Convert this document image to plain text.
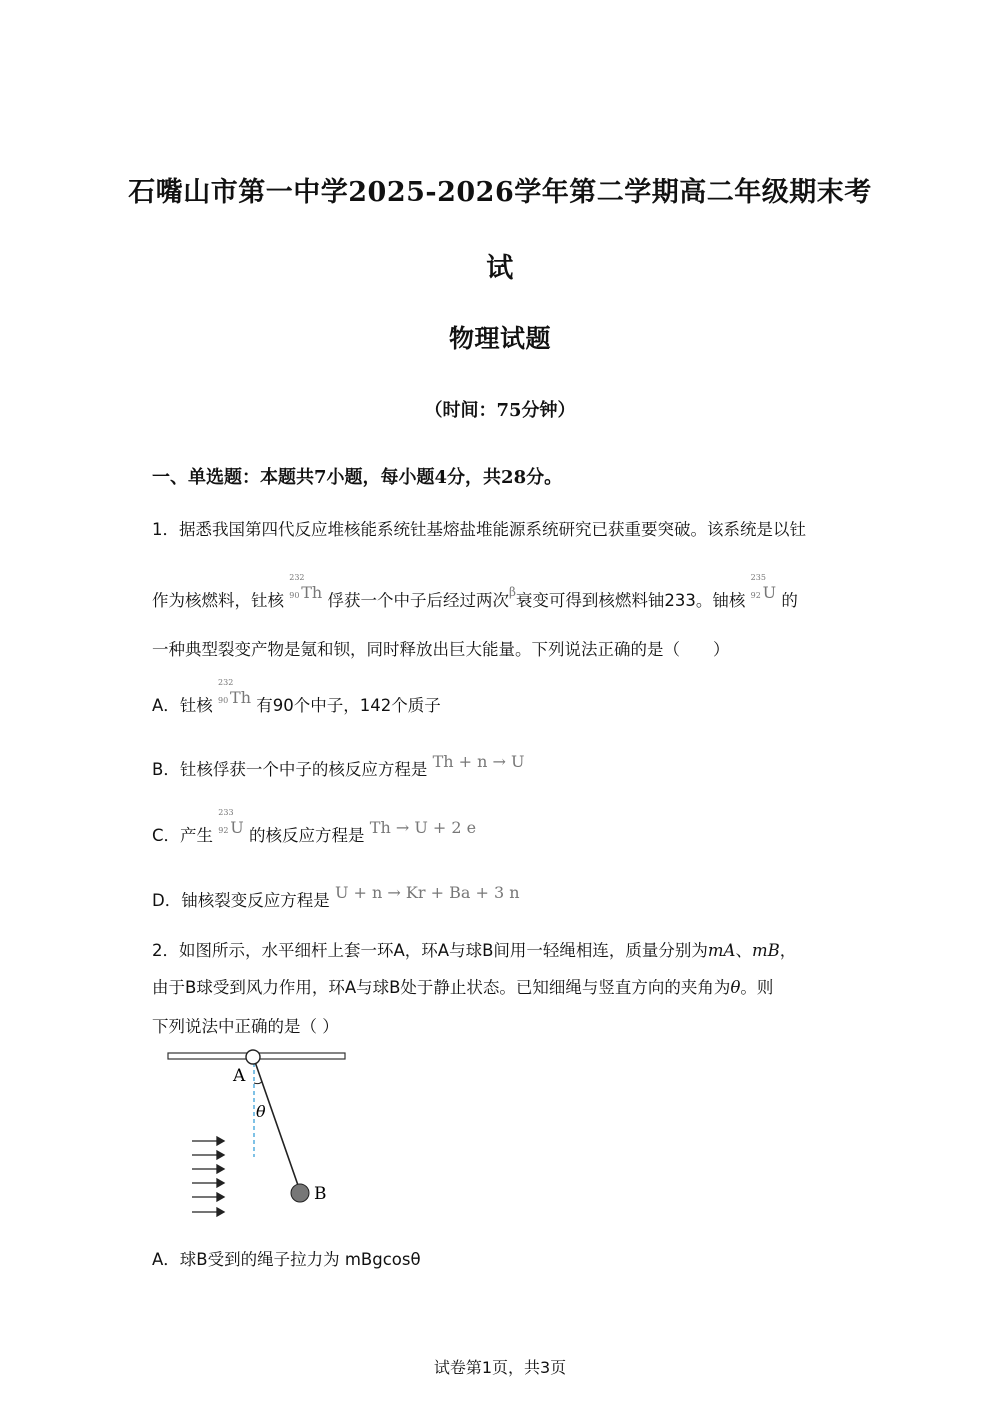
石嘴山市第一中学2025-2026学年第二学期高二年级期末考
试
物理试题
（时间：75分钟）
一、单选题：本题共7小题，每小题4分，共28分。
1．据悉我国第四代反应堆核能系统钍基熔盐堆能源系统研究已获重要突破。该系统是以钍
作为核燃料，钍核
232
90 Th 俘获一个中子后经过两次$^\beta$衰变可得到核燃料铀233。铀核
235
92 U 的
一种典型裂变产物是氪和钡，同时释放出巨大能量。下列说法正确的是（　　）
A．钍核
232
90 Th 有90个中子，142个质子
B．钍核俘获一个中子的核反应方程是 Th + n → U
C．产生
233
92 U 的核反应方程是 Th → U + 2 e
D．铀核裂变反应方程是 U + n → Kr + Ba + 3 n
2．如图所示，水平细杆上套一环A，环A与球B间用一轻绳相连，质量分别为mA、mB，
由于B球受到风力作用，环A与球B处于静止状态。已知细绳与竖直方向的夹角为θ。则
下列说法中正确的是（ ）
A
θ
B
A．球B受到的绳子拉力为 mBgcosθ
试卷第1页，共3页
